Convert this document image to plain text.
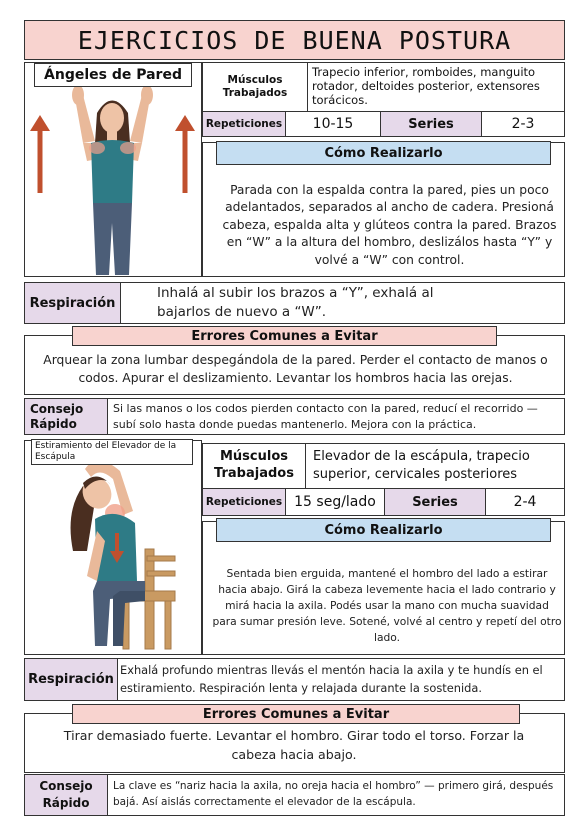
EJERCICIOS DE BUENA POSTURA
Ángeles de Pared	Músculos Trabajados
Trapecio inferior, romboides, manguito rotador, deltoides posterior, extensores torácicos.
Repeticiones	10-15	Series	2-3
Cómo Realizarlo
Parada con la espalda contra la pared, pies un poco adelantados, separados al ancho de cadera. Presioná cabeza, espalda alta y glúteos contra la pared. Brazos en “W” a la altura del hombro, deslizálos hasta “Y” y volvé a “W” con control.
Respiración
Inhalá al subir los brazos a “Y”, exhalá al bajarlos de nuevo a “W”.
Errores Comunes a Evitar
Arquear la zona lumbar despegándola de la pared. Perder el contacto de manos o codos. Apurar el deslizamiento. Levantar los hombros hacia las orejas.
Consejo Rápido
Si las manos o los codos pierden contacto con la pared, reducí el recorrido — subí solo hasta donde puedas mantenerlo. Mejora con la práctica.
Estiramiento del Elevador de la Escápula	Músculos Trabajados
Elevador de la escápula, trapecio superior, cervicales posteriores
Repeticiones 15 seg/lado	Series	2-4
Cómo Realizarlo
Sentada bien erguida, mantené el hombro del lado a estirar hacia abajo. Girá la cabeza levemente hacia el lado contrario y mirá hacia la axila. Podés usar la mano con mucha suavidad para sumar presión leve. Sotené, volvé al centro y repetí del otro lado.
Respiración
Exhalá profundo mientras llevás el mentón hacia la axila y te hundís en el estiramiento. Respiración lenta y relajada durante la sostenida.
Errores Comunes a Evitar
Tirar demasiado fuerte. Levantar el hombro. Girar todo el torso. Forzar la cabeza hacia abajo.
Consejo Rápido
La clave es “nariz hacia la axila, no oreja hacia el hombro” — primero girá, después bajá. Así aislás correctamente el elevador de la escápula.
